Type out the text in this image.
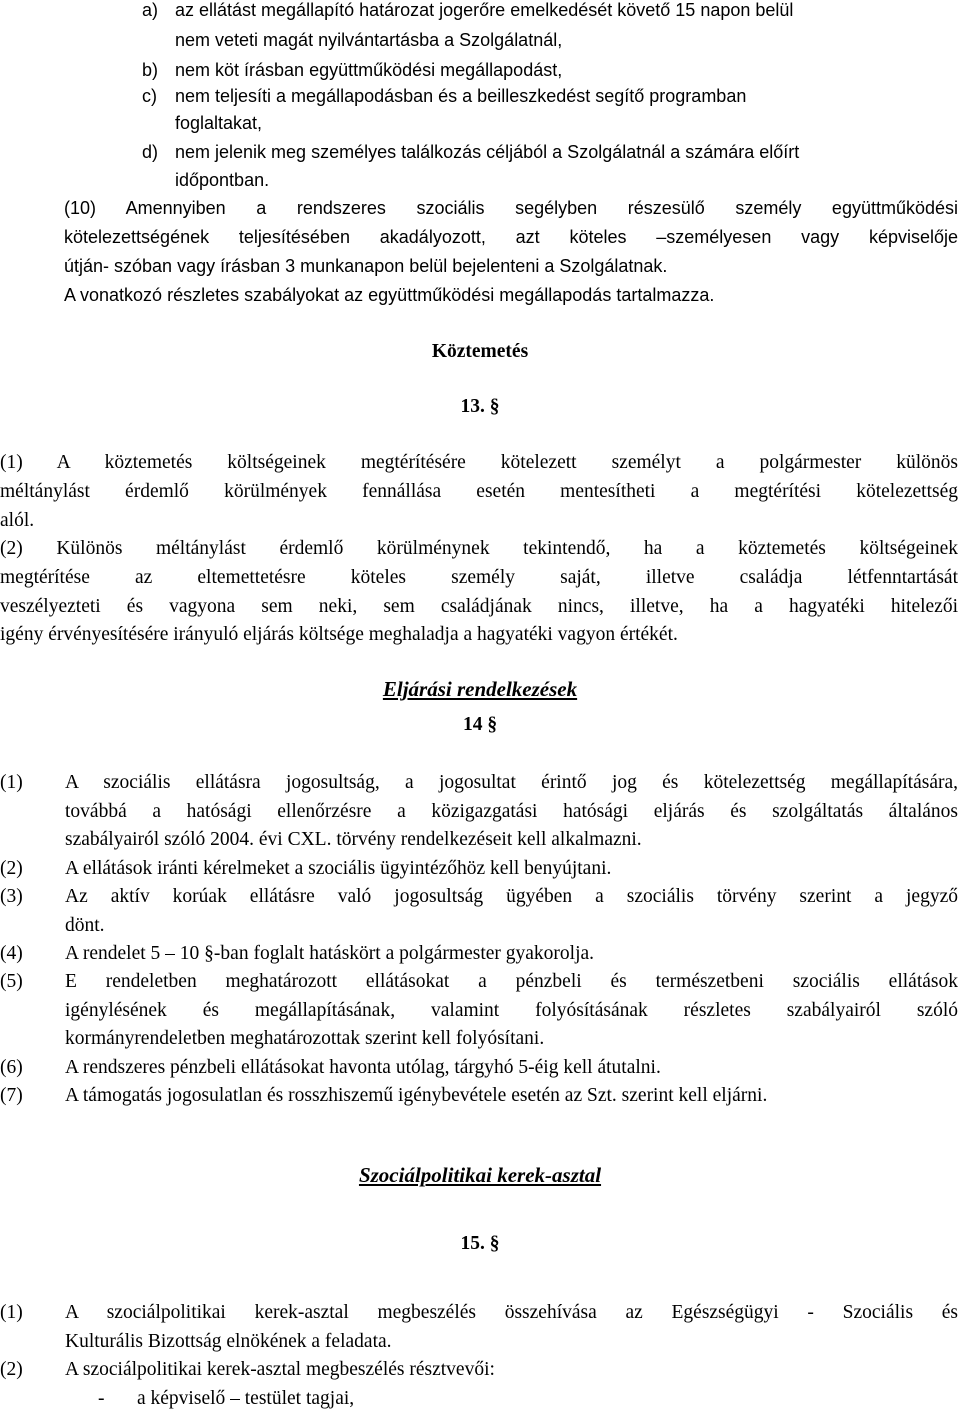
a) az ellátást megállapító határozat jogerőre emelkedését követő 15 napon belül
nem veteti magát nyilvántartásba a Szolgálatnál,
b) nem köt írásban együttműködési megállapodást,
c) nem teljesíti a megállapodásban és a beilleszkedést segítő programban
foglaltakat,
d) nem jelenik meg személyes találkozás céljából a Szolgálatnál a számára előírt
időpontban.
(10) Amennyiben a rendszeres szociális segélyben részesülő személy együttműködési
kötelezettségének teljesítésében akadályozott, azt köteles –személyesen vagy képviselője
útján- szóban vagy írásban 3 munkanapon belül bejelenteni a Szolgálatnak.
A vonatkozó részletes szabályokat az együttműködési megállapodás tartalmazza.
Köztemetés
13. §
(1) A köztemetés költségeinek megtérítésére kötelezett személyt a polgármester különös
méltánylást érdemlő körülmények fennállása esetén mentesítheti a megtérítési kötelezettség
alól.
(2) Különös méltánylást érdemlő körülménynek tekintendő, ha a köztemetés költségeinek
megtérítése az eltemettetésre köteles személy saját, illetve családja létfenntartását
veszélyezteti és vagyona sem neki, sem családjának nincs, illetve, ha a hagyatéki hitelezői
igény érvényesítésére irányuló eljárás költsége meghaladja a hagyatéki vagyon értékét.
Eljárási rendelkezések
14 §
(1) A szociális ellátásra jogosultság, a jogosultat érintő jog és kötelezettség megállapítására,
továbbá a hatósági ellenőrzésre a közigazgatási hatósági eljárás és szolgáltatás általános
szabályairól szóló 2004. évi CXL. törvény rendelkezéseit kell alkalmazni.
(2) A ellátások iránti kérelmeket a szociális ügyintézőhöz kell benyújtani.
(3) Az aktív korúak ellátásre való jogosultság ügyében a szociális törvény szerint a jegyző
dönt.
(4) A rendelet 5 – 10 §-ban foglalt hatáskört a polgármester gyakorolja.
(5) E rendeletben meghatározott ellátásokat a pénzbeli és természetbeni szociális ellátások
igénylésének és megállapításának, valamint folyósításának részletes szabályairól szóló
kormányrendeletben meghatározottak szerint kell folyósítani.
(6) A rendszeres pénzbeli ellátásokat havonta utólag, tárgyhó 5-éig kell átutalni.
(7) A támogatás jogosulatlan és rosszhiszemű igénybevétele esetén az Szt. szerint kell eljárni.
Szociálpolitikai kerek-asztal
15. §
(1) A szociálpolitikai kerek-asztal megbeszélés összehívása az Egészségügyi - Szociális és
Kulturális Bizottság elnökének a feladata.
(2) A szociálpolitikai kerek-asztal megbeszélés résztvevői:
- a képviselő – testület tagjai,
